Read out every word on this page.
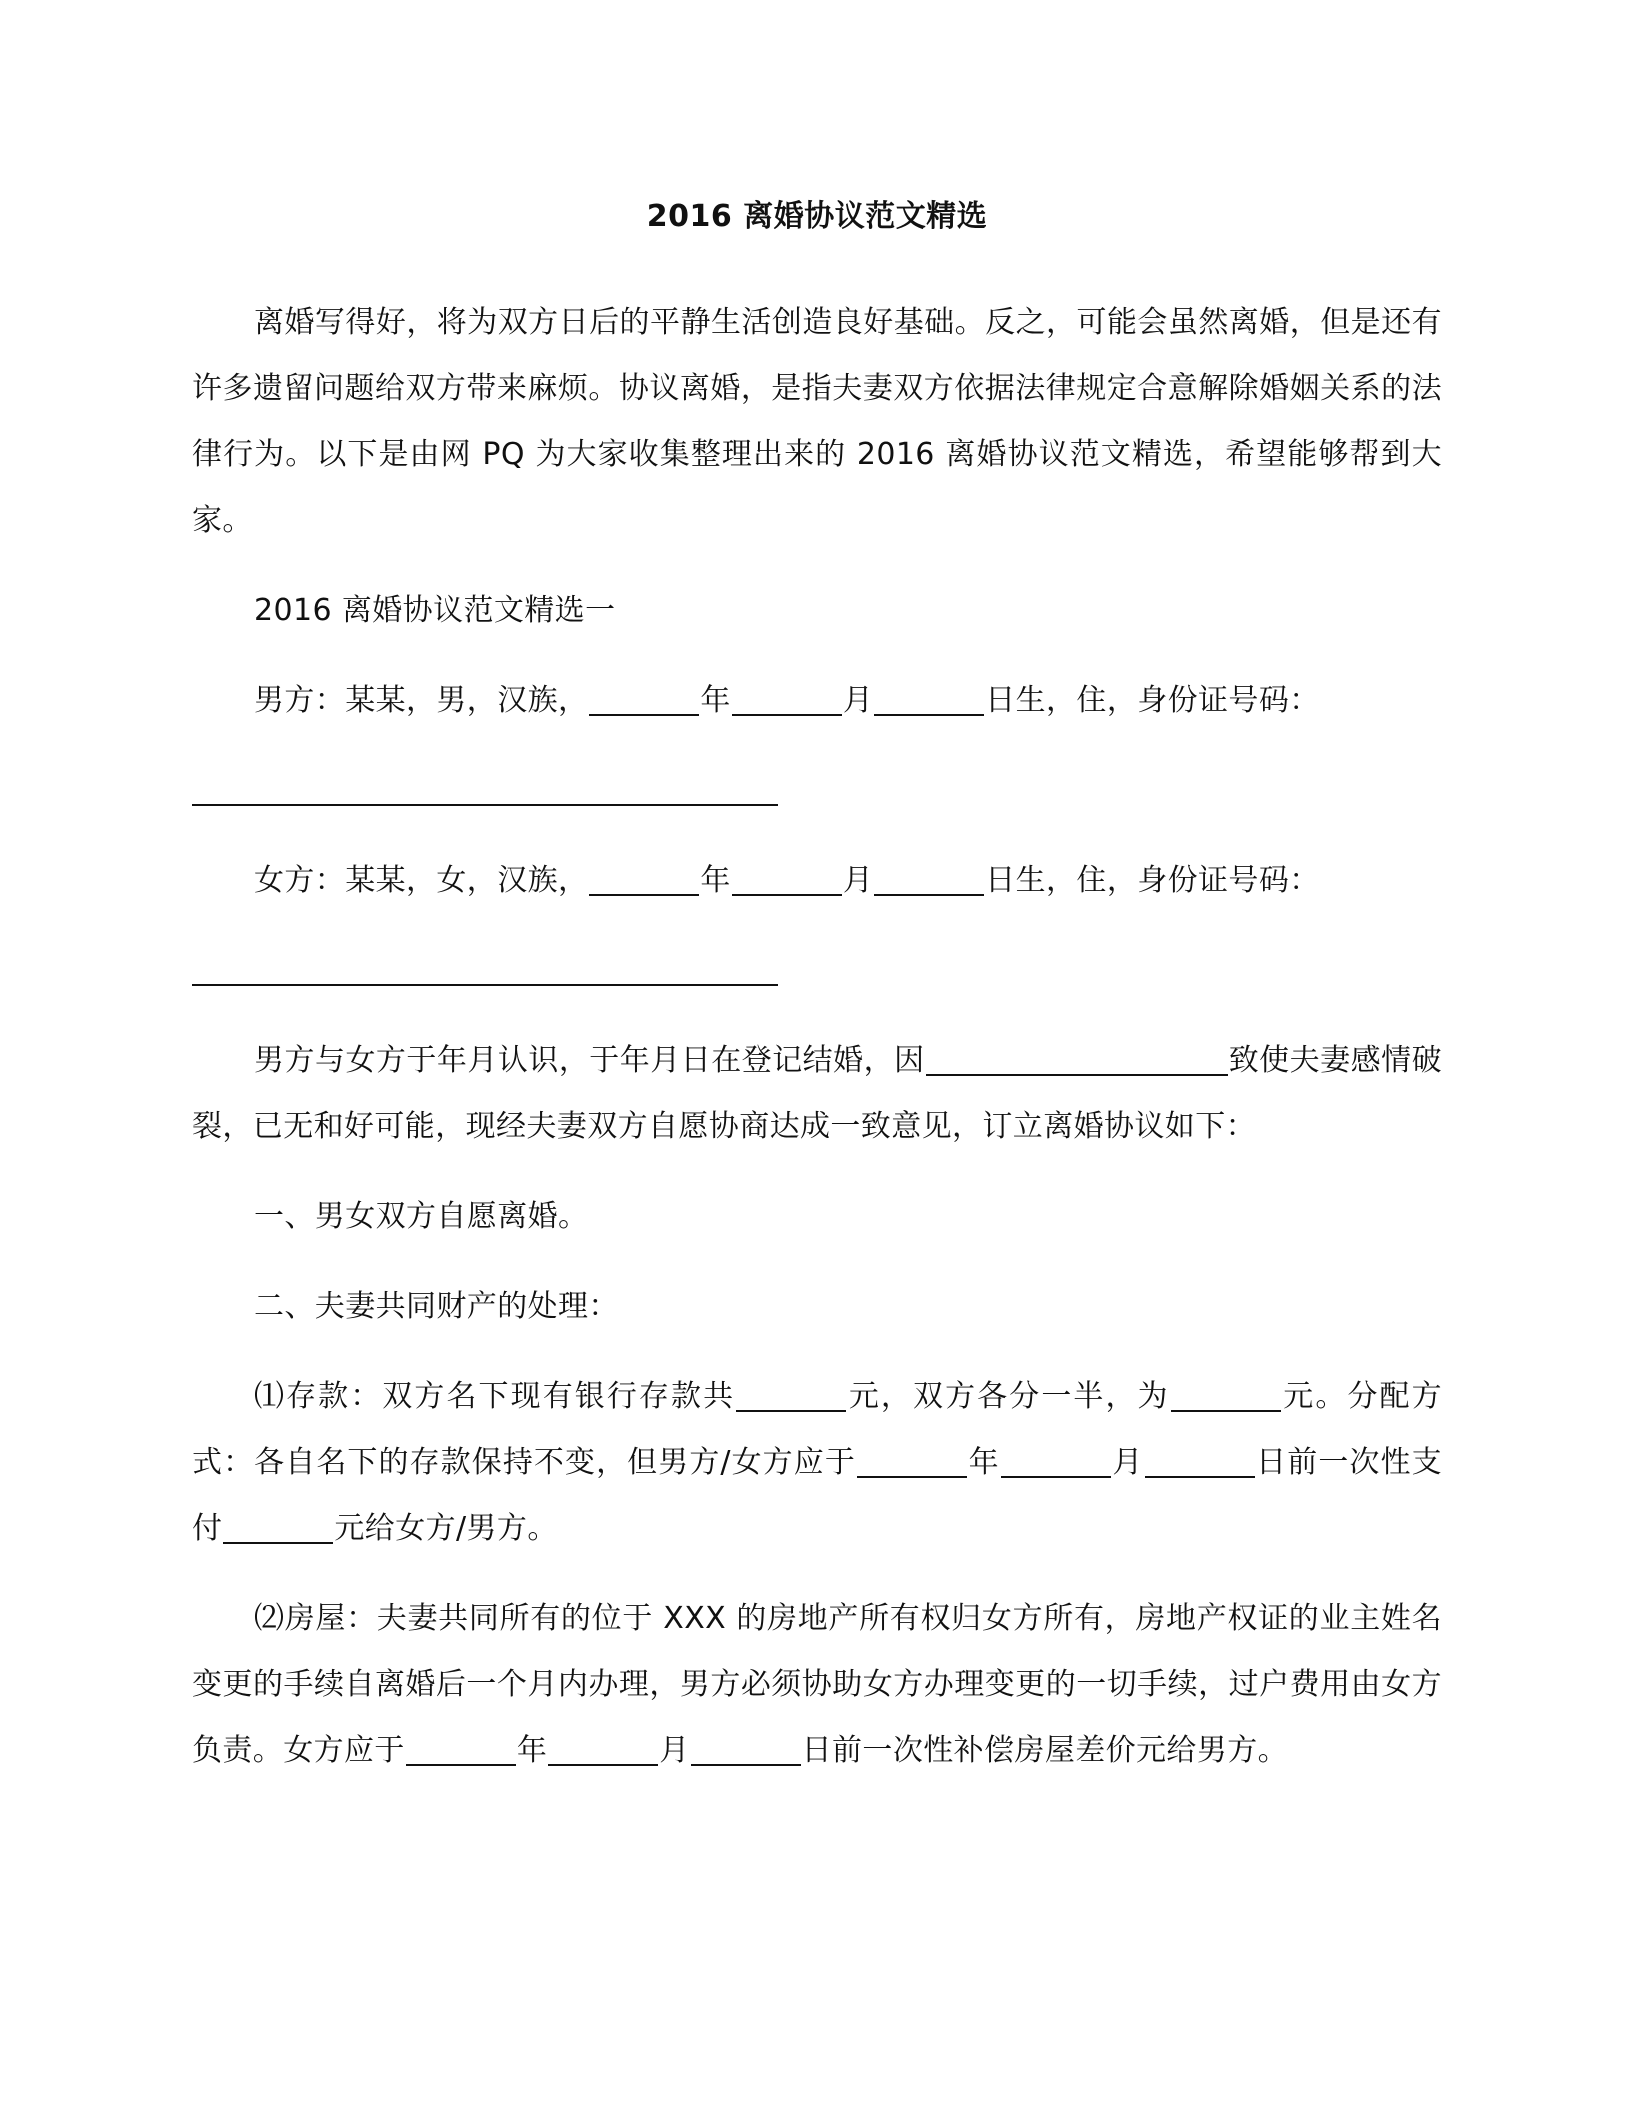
2016 离婚协议范文精选

离婚写得好，将为双方日后的平静生活创造良好基础。反之，可能会虽然离婚，但是还有许多遗留问题给双方带来麻烦。协议离婚，是指夫妻双方依据法律规定合意解除婚姻关系的法律行为。以下是由网 PQ 为大家收集整理出来的 2016 离婚协议范文精选，希望能够帮到大家。

2016 离婚协议范文精选一

男方：某某，男，汉族，	年	月	日生，住，身份证号码：

女方：某某，女，汉族，	年	月	日生，住，身份证号码：

男方与女方于年月认识，于年月日在登记结婚，因	致使夫妻感情破裂，已无和好可能，现经夫妻双方自愿协商达成一致意见，订立离婚协议如下：

一、男女双方自愿离婚。

二、夫妻共同财产的处理：

⑴存款：双方名下现有银行存款共	元，双方各分一半，为	元。分配方式：各自名下的存款保持不变，但男方/女方应于	年	月	日前一次性支付	元给女方/男方。

⑵房屋：夫妻共同所有的位于 XXX 的房地产所有权归女方所有，房地产权证的业主姓名变更的手续自离婚后一个月内办理，男方必须协助女方办理变更的一切手续，过户费用由女方负责。女方应于	年	月	日前一次性补偿房屋差价元给男方。
